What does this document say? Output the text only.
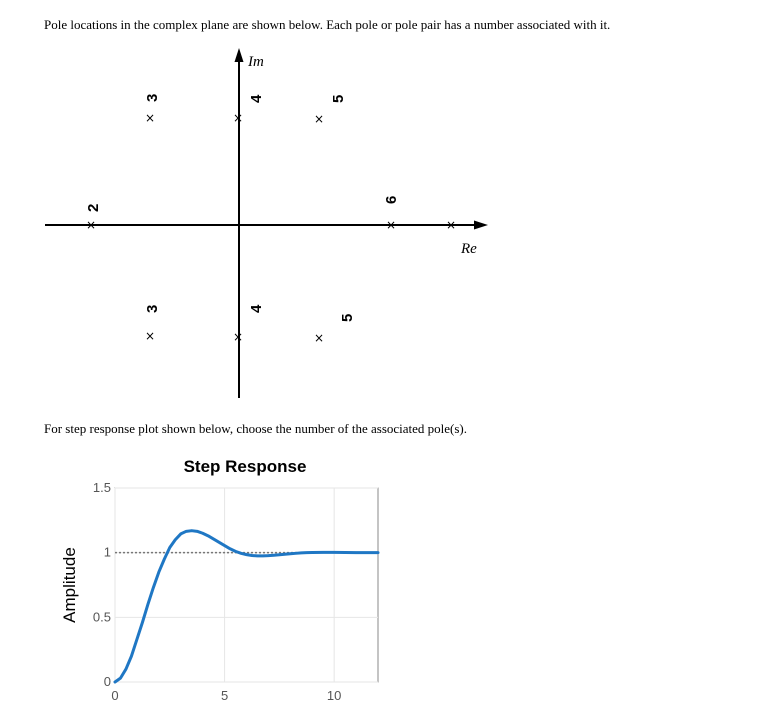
Pole locations in the complex plane are shown below. Each pole or pole pair has a number associated with it.
For step response plot shown below, choose the number of the associated pole(s).
Im
Re
2
×
3
×
3
×
4
×
4
×
5
×
5
×
6
×	×
Step Response
0	5	10
0
0.5
1
1.5
Amplitude
